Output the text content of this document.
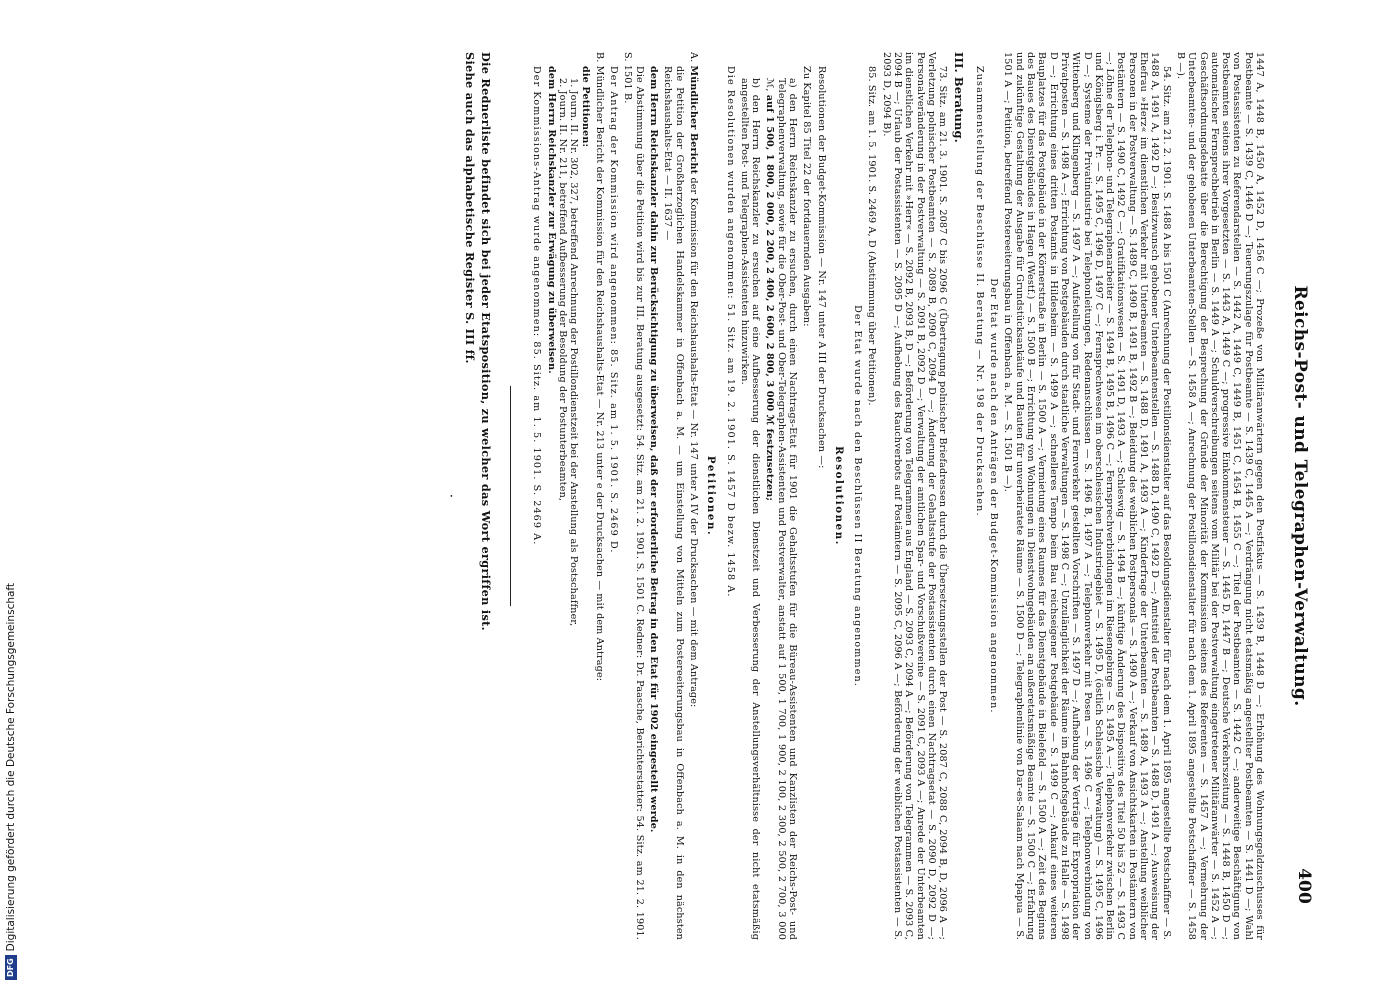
DFGDigitalisierung gefördert durch die Deutsche Forschungsgemeinschaft
Reichs-Post- und Telegraphen-Verwaltung.
400

1447 A, 1448 B, 1450 A, 1452 D, 1456 C —; Prozeße von Militäranwärtern gegen den Postfiskus — S. 1439 B, 1448 D —; Erhöhung des Wohnungsgeldzuschusses für Postbeamte — S. 1439 C, 1446 D —; Teuerungszulage für Postbeamte — S. 1439 C, 1445 A —; Verdrängung nicht etatsmäßig angestellter Postbeamten — S. 1441 D —; Wahl von Postassistenten zu Referendarstellen — S. 1442 A, 1449 C, 1449 B, 1451 C, 1454 B, 1455 C —; Titel der Postbeamten — S. 1442 C —; anderweitige Beschäftigung von Postbeamten seitens ihrer Vorgesetzten — S. 1443 A, 1449 C —; progressive Einkommensteuer — S. 1445 D, 1447 B —; Deutsche Verkehrszeitung — S. 1448 B, 1450 D —; automatischer Fernsprechbetrieb in Berlin — S. 1449 A —; Schuldverschreibungen seitens vom Militär bei der Postverwaltung eingetretener Militäranwärter — S. 1452 A —; Geschäftsordnungsdebatte über die Berechtigung der Besprechung der Gründe der Minorität der Kommission seitens des Referenten — S. 1457 A —; Vermehrung der Unterbeamten- und der gehobenen Unterbeamten-Stellen — S. 1458 A —; Anrechnung der Postillonsdienstalter für nach dem 1. April 1895 angestellte Postschaffner — S. 1458 B —).

54. Sitz. am 21. 2. 1901. S. 1488 A bis 1501 C (Anrechnung der Postillonsdienstalter auf das Besoldungsdienstalter für nach dem 1. April 1895 angestellte Postschaffner — S. 1488 A, 1491 A, 1492 D —; Besitzwunsch gehobener Unterbeamtenstellen — S. 1488 D, 1490 C, 1492 D —; Amtstitel der Postbeamten — S. 1488 D, 1491 A —; Ausweisung der Ehefrau »Herz« im dienstlichen Verkehr mit Unterbeamten — S. 1488 D, 1491 A, 1493 A —; Kinderfrage der Unterbeamten — S. 1489 A, 1493 A —; Anstellung weiblicher Personen in der Postverwaltung — S. 1489 C, 1490 B, 1491 B, 1492 B —; Beleidung des weiblichen Postpersonals — S. 1490 A —; Verkauf von Ansichtskarten in Postämtern von Postämtern — S. 1490 C, 1492 C —; Gratifikationswesen — S. 1491 D, 1493 A —; Schleswig — S. 1494 B —; künftige Änderung des Dispositivs des Titel 50 bis 52 — S. 1493 C —; Löhne der Telephon- und Telegraphenarbeiter — S. 1494 B, 1495 B, 1496 C —; Fernsprechverbindungen im Riesengebirge — S. 1495 A —; Telephonverkehr zwischen Berlin und Königsberg i. Pr. — S. 1495 C, 1496 D, 1497 C —; Fernsprechwesen im oberschlesischen Industriegebiet — S. 1495 D, (östlich Schlesische Verwaltung) — S. 1495 C, 1496 D —; Systeme der Privatindustrie bei Telephonleitungen, Redenanschlüssen — S. 1496 B, 1497 A —; Telephonverkehr mit Posen — S. 1496 C —; Telephonverbindung von Wittenberg und Klingenberg — S. 1497 A —; Aufstellung von für Stadt- und Fernverkehr gestellten Vorschriften — S. 1497 D —; Aufhebung der Verträge für Expropriation der Privatposten — S. 1498 A —; Errichtung von Postgebäuden durch staatliche Verwaltungen — S. 1498 C —; Unzulänglichkeit der Räume im Bahnhofsgebäude zu Halle — S. 1498 D —; Errichtung eines dritten Postamts in Hildesheim — S. 1499 A —; schnelleres Tempo beim Bau reichseigener Postgebäude — S. 1499 C —; Ankauf eines weiteren Bauplatzes für das Postgebäude in der Körnerstraße in Berlin — S. 1500 A —; Vermietung eines Raumes für das Dienstgebäude in Bielefeld — S. 1500 A —; Zeit des Beginns des Baues des Dienstgebäudes in Hagen (Westf.) — S. 1500 B —; Errichtung von Wohnungen in Dienstwohngebäuden an außeretatsmäßige Beamte — S. 1500 C —; Erfahrung und zukünftige Gestaltung der Ausgabe für Grundstücksankäufe und Bauten für unverheiratete Räume — S. 1500 D —; Telegraphenlinie von Dar-es-Salaam nach Mpapua — S. 1501 A —; Petition, betreffend Postereeiterungsbau in Offenbach a. M. — S. 1501 B —).

Der Etat wurde nach den Anträgen der Budget-Kommission angenommen.

Zusammenstellung der Beschlüsse II. Beratung — Nr. 198 der Drucksachen.

III. Beratung.

73. Sitz. am 21. 3. 1901. S. 2087 C bis 2096 C (Übertragung polnischer Briefadressen durch die Übersetzungsstellen der Post — S. 2087 C, 2088 C, 2094 B, D, 2096 A —; Verletzung polnischer Postbeamten — S. 2089 B, 2090 C, 2094 D —; Änderung der Gehaltsstufe der Postassistenten durch einen Nachtragsetat — S. 2090 D, 2092 D —; Personalveränderung in der Postverwaltung — S. 2091 B, 2092 D —; Verwaltung der amtlichen Spar- und Vorschußvereine — S. 2091 C, 2093 A —; Anrede der Unterbeamten im dienstlichen Verkehr mit »Herr« — S. 2092 B, 2093 B, D —; Beförderung von Telegrammen aus England — S. 2093 C, 2094 A —; Beförderung von Telegrammen — S. 2093 C, 2094 B —; Urlaub der Postassistenten — S. 2095 D —; Aufhebung des Rauchverbots auf Postämtern — S. 2095 C, 2096 A —; Beförderung der weiblichen Postassistenten — S. 2093 D, 2094 B).

85. Sitz. am 1. 5. 1901. S. 2469 A, D (Abstimmung über Petitionen).

Der Etat wurde nach den Beschlüssen II Beratung angenommen.

Resolutionen.

Resolutionen der Budget-Kommission — Nr. 147 unter A III der Drucksachen —:

Zu Kapitel 85 Titel 22 der fortdauernden Ausgaben:

a) den Herrn Reichskanzler zu ersuchen, durch einen Nachtrags-Etat für 1901 die Gehaltsstufen für die Büreau-Assistenten und Kanzlisten der Reichs-Post- und Telegraphenverwaltung, sowie für die Ober-Post- und Ober-Telegraphen-Assistenten und Postverwalter, anstatt auf 1 500, 1 700, 1 900, 2 100, 2 300, 2 500, 2 700, 3 000 ℳ, auf 1 500, 1 800, 2 000, 2 200, 2 400, 2 600, 2 800, 3 000 ℳ festzusetzen;

b) den Herrn Reichskanzler zu ersuchen auf eine Aufbesserung der dienstlichen Dienstzeit und Verbesserung der Anstellungsverhältnisse der nicht etatsmäßig angestellten Post- und Telegraphen-Assistenten hinzuwirken.

Die Resolutionen wurden angenommen: 51. Sitz. am 19. 2. 1901. S. 1457 D bezw. 1458 A.

Petitionen.

A. Mündlicher Bericht der Kommission für den Reichshaushalts-Etat — Nr. 147 unter A IV der Drucksachen — mit dem Antrage:

die Petition der Großherzoglichen Handelskammer in Offenbach a. M. — um Einstellung von Mitteln zum Postereeiterungsbau in Offenbach a. M. in den nächsten Reichshaushalts-Etat — II. 1637 —

dem Herrn Reichskanzler dahin zur Berücksichtigung zu überweisen, daß der erforderliche Betrag in den Etat für 1902 eingestellt werde.

Die Abstimmung über die Petition wird bis zur III. Beratung ausgesetzt: 54. Sitz. am 21. 2. 1901. S. 1501 C. Redner: Dr. Paasche, Berichterstatter: 54. Sitz. am 21. 2. 1901. S. 1501 B.

Der Antrag der Kommission wird angenommen: 85. Sitz. am 1. 5. 1901. S. 2469 D.

B. Mündlicher Bericht der Kommission für den Reichshaushalts-Etat — Nr. 213 unter e der Drucksachen — mit dem Antrage:

die Petitionen:

1. Journ. II. Nr. 302, 327, betreffend Anrechnung der Postillondienstzeit bei der Anstellung als Postschaffner,

2. Journ. II. Nr. 211, betreffend Aufbesserung der Besoldung der Postunterbeamten,

dem Herrn Reichskanzler zur Erwägung zu überweisen.

Der Kommissions-Antrag wurde angenommen: 85. Sitz. am 1. 5. 1901. S. 2469 A.

Die Rednerliste befindet sich bei jeder Etatsposition, zu welcher das Wort ergriffen ist.

Siehe auch das alphabetische Register S. III ff.

·
